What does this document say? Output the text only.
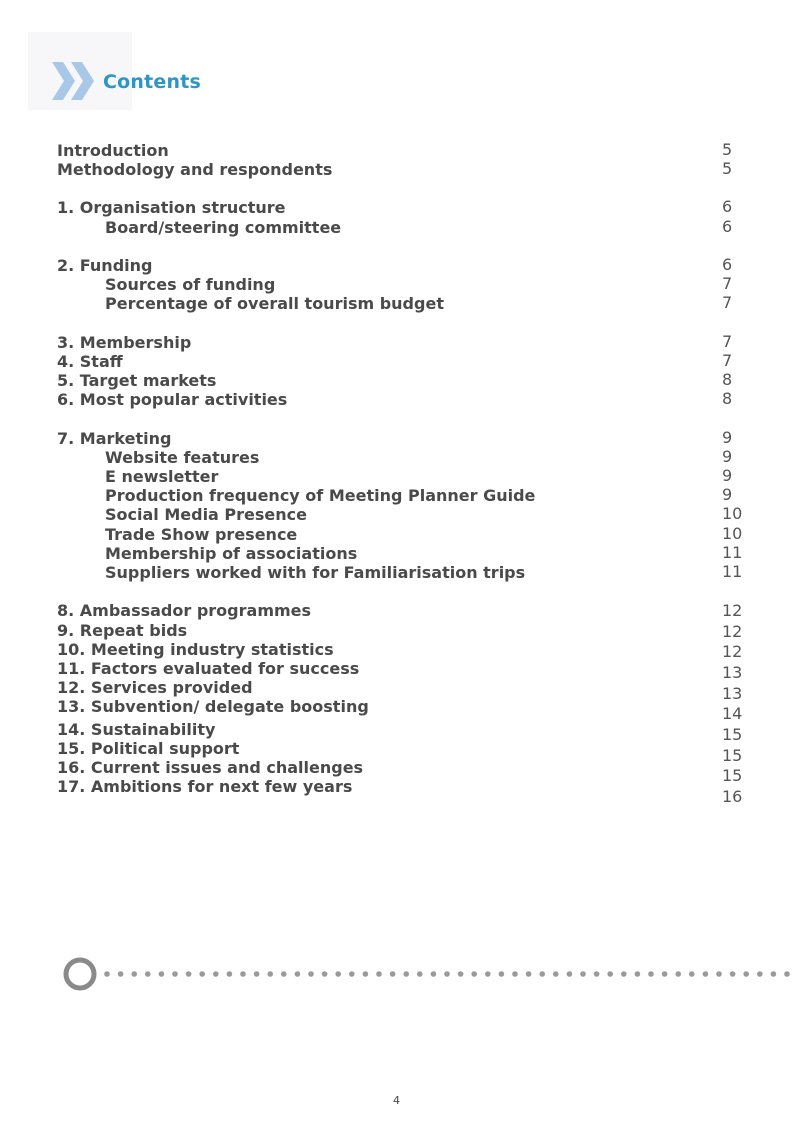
Contents
Introduction
Methodology and respondents
1. Organisation structure
Board/steering committee
2. Funding
Sources of funding
Percentage of overall tourism budget
3. Membership
4. Staff
5. Target markets
6. Most popular activities
7. Marketing
Website features
E newsletter
Production frequency of Meeting Planner Guide
Social Media Presence
Trade Show presence
Membership of associations
Suppliers worked with for Familiarisation trips
8. Ambassador programmes
9. Repeat bids
10. Meeting industry statistics
11. Factors evaluated for success
12. Services provided
13. Subvention/ delegate boosting
14. Sustainability
15. Political support
16. Current issues and challenges
17. Ambitions for next few years
5
5
6
6
6
7
7
7
7
8
8
9
9
9
9
10
10
11
11
12
12
12
13
13
14
15
15
15
16
4
